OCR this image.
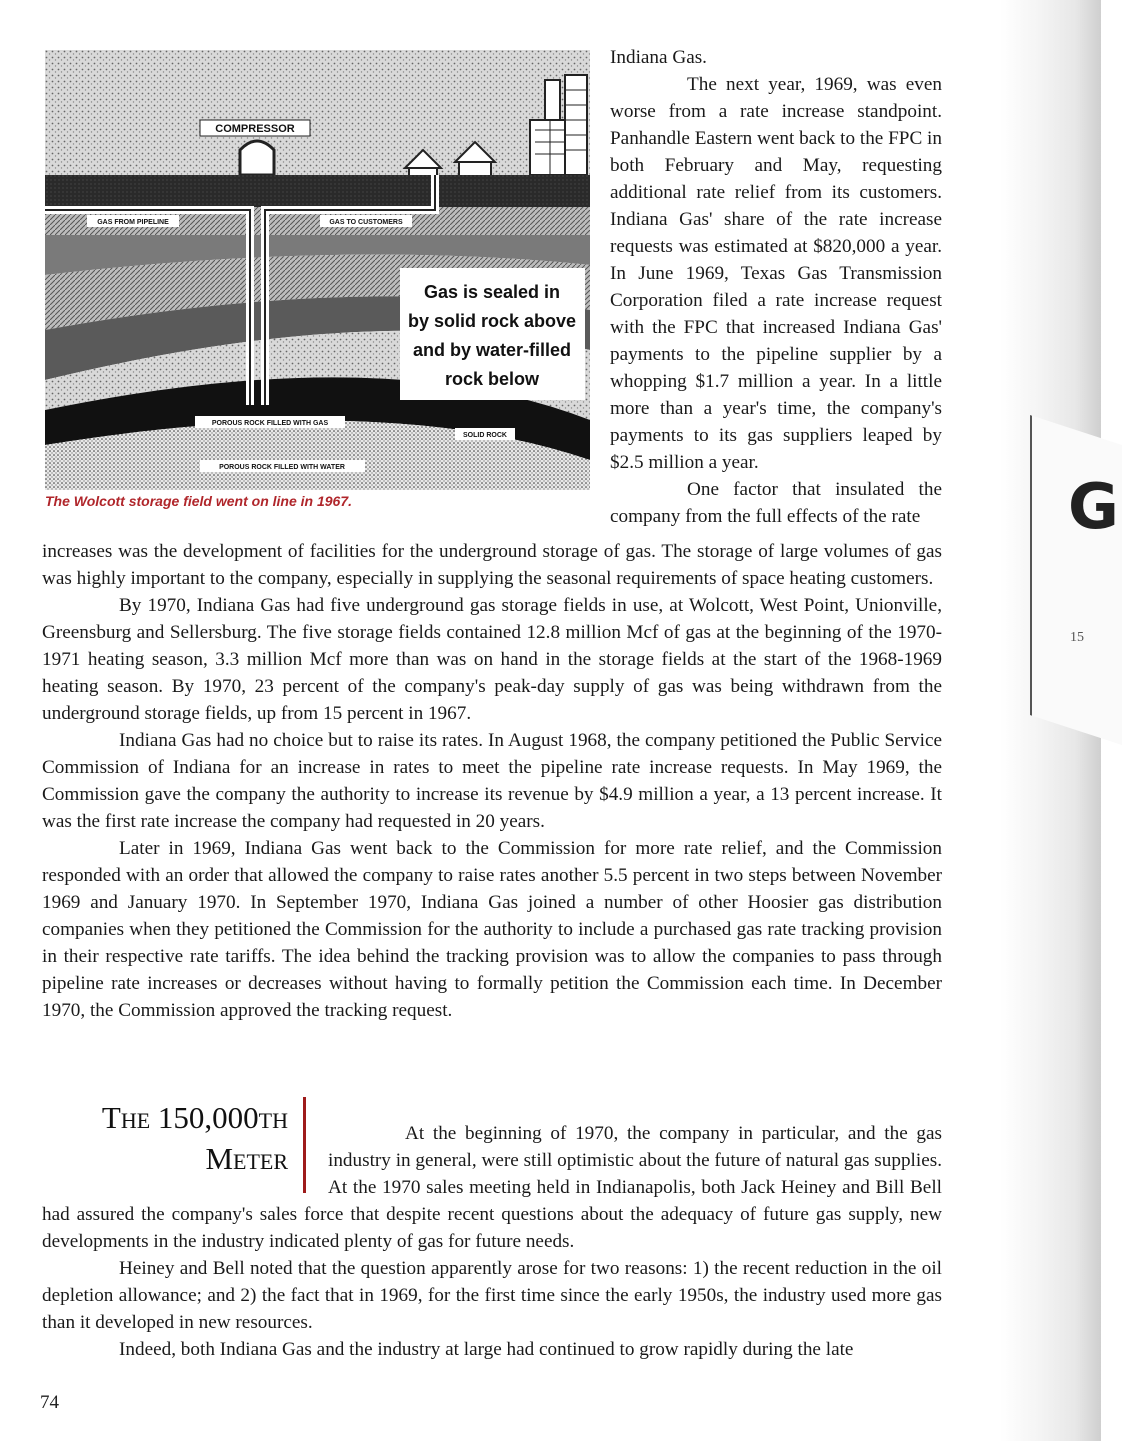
G
15
COMPRESSOR
GAS FROM PIPELINE	GAS TO CUSTOMERS
Gas is sealed in
by solid rock above
and by water-filled
rock below
POROUS ROCK FILLED WITH GAS
SOLID ROCK
POROUS ROCK FILLED WITH WATER
The Wolcott storage field went on line in 1967.

Indiana Gas.

The next year, 1969, was even worse from a rate increase standpoint. Panhandle Eastern went back to the FPC in both February and May, requesting additional rate relief from its customers. Indiana Gas' share of the rate increase requests was estimated at $820,000 a year. In June 1969, Texas Gas Transmission Corporation filed a rate increase request with the FPC that increased Indiana Gas' payments to the pipeline supplier by a whopping $1.7 million a year. In a little more than a year's time, the company's payments to its gas suppliers leaped by $2.5 million a year.

One factor that insulated the company from the full effects of the rate

increases was the development of facilities for the underground storage of gas. The storage of large volumes of gas was highly important to the company, especially in supplying the seasonal requirements of space heating customers.

By 1970, Indiana Gas had five underground gas storage fields in use, at Wolcott, West Point, Unionville, Greensburg and Sellersburg. The five storage fields contained 12.8 million Mcf of gas at the beginning of the 1970-1971 heating season, 3.3 million Mcf more than was on hand in the storage fields at the start of the 1968-1969 heating season. By 1970, 23 percent of the company's peak-day supply of gas was being withdrawn from the underground storage fields, up from 15 percent in 1967.

Indiana Gas had no choice but to raise its rates. In August 1968, the company petitioned the Public Service Commission of Indiana for an increase in rates to meet the pipeline rate increase requests. In May 1969, the Commission gave the company the authority to increase its revenue by $4.9 million a year, a 13 percent increase. It was the first rate increase the company had requested in 20 years.

Later in 1969, Indiana Gas went back to the Commission for more rate relief, and the Commission responded with an order that allowed the company to raise rates another 5.5 percent in two steps between November 1969 and January 1970. In September 1970, Indiana Gas joined a number of other Hoosier gas distribution companies when they petitioned the Commission for the authority to include a purchased gas rate tracking provision in their respective rate tariffs. The idea behind the tracking provision was to allow the companies to pass through pipeline rate increases or decreases without having to formally petition the Commission each time. In December 1970, the Commission approved the tracking request.

The 150,000th
Meter

At the beginning of 1970, the company in particular, and the gas industry in general, were still optimistic about the future of natural gas supplies. At the 1970 sales meeting held in Indianapolis, both Jack Heiney and Bill Bell had assured the company's sales force that despite recent questions about the adequacy of future gas supply, new developments in the industry indicated plenty of gas for future needs.

Heiney and Bell noted that the question apparently arose for two reasons: 1) the recent reduction in the oil depletion allowance; and 2) the fact that in 1969, for the first time since the early 1950s, the industry used more gas than it developed in new resources.

Indeed, both Indiana Gas and the industry at large had continued to grow rapidly during the late

74
